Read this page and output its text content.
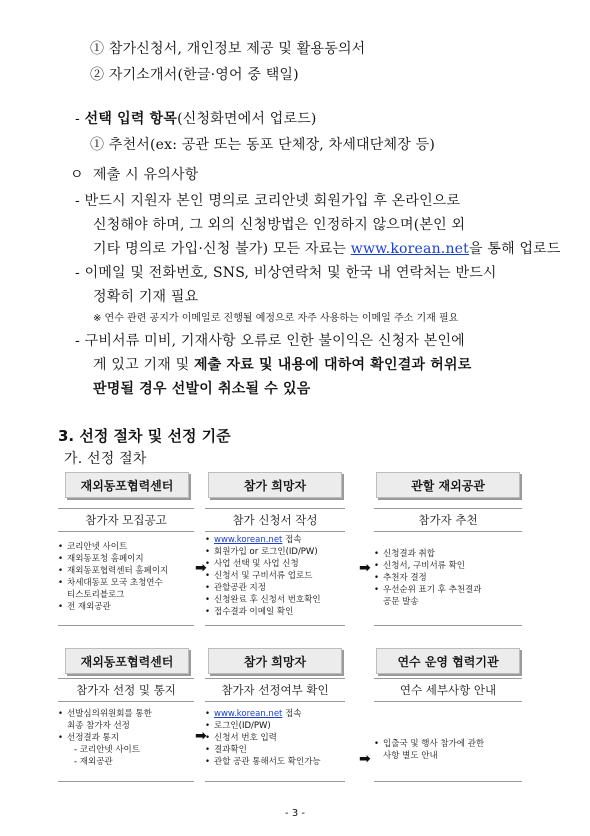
① 참가신청서, 개인정보 제공 및 활용동의서
② 자기소개서(한글·영어 중 택일)
- 선택 입력 항목(신청화면에서 업로드)
① 추천서(ex: 공관 또는 동포 단체장, 차세대단체장 등)
ㅇ 제출 시 유의사항
- 반드시 지원자 본인 명의로 코리안넷 회원가입 후 온라인으로
신청해야 하며, 그 외의 신청방법은 인정하지 않으며(본인 외
기타 명의로 가입·신청 불가) 모든 자료는 www.korean.net을 통해 업로드
- 이메일 및 전화번호, SNS, 비상연락처 및 한국 내 연락처는 반드시
정확히 기재 필요
※ 연수 관련 공지가 이메일로 진행될 예정으로 자주 사용하는 이메일 주소 기재 필요
- 구비서류 미비, 기재사항 오류로 인한 불이익은 신청자 본인에
게 있고 기재 및 제출 자료 및 내용에 대하여 확인결과 허위로
판명될 경우 선발이 취소될 수 있음
3. 선정 절차 및 선정 기준
가. 선정 절차
재외동포협력센터	참가 희망자	관할 재외공관
참가자 모집공고	참가 신청서 작성	참가자 추천
• 코리안넷 사이트
• 재외동포청 홈페이지
• 재외동포협력센터 홈페이지
• 차세대동포 모국 초청연수
티스토리블로그
• 전 재외공관
• www.korean.net 접속
• 회원가입 or 로그인(ID/PW)
• 사업 선택 및 사업 신청
• 신청서 및 구비서류 업로드
• 관할공관 지정
• 신청완료 후 신청서 번호확인
• 접수결과 이메일 확인
• 신청결과 취합
• 신청서, 구비서류 확인
• 추천자 결정
• 우선순위 표기 후 추천결과
공문 발송
➡	➡
재외동포협력센터	참가 희망자	연수 운영 협력기관
참가자 선정 및 통지	참가자 선정여부 확인	연수 세부사항 안내
• 선발심의위원회를 통한
최종 참가자 선정
• 선정결과 통지
- 코리안넷 사이트
- 재외공관
• www.korean.net 접속
• 로그인(ID/PW)
• 신청서 번호 입력
• 결과확인
• 관할 공관 통해서도 확인가능
• 입출국 및 행사 참가에 관한
사항 별도 안내
➡
➡
- 3 -
